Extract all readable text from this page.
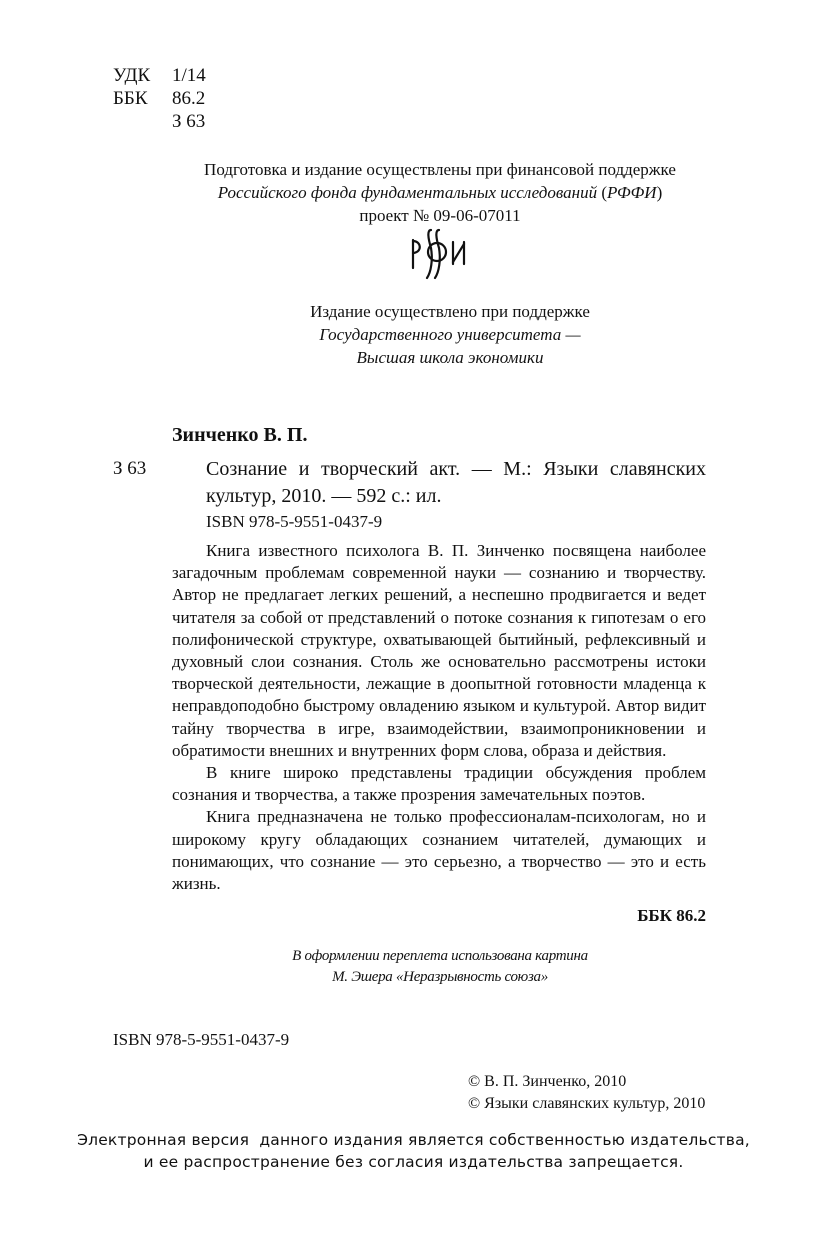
УДК	1/14
ББК	86.2
З 63
Подготовка и издание осуществлены при финансовой поддержке
Российского фонда фундаментальных исследований (РФФИ)
проект № 09-06-07011
Издание осуществлено при поддержке
Государственного университета —
Высшая школа экономики
Зинченко В. П.
З 63	Сознание и творческий акт. — М.: Языки славянских
культур, 2010. — 592 с.: ил.
ISBN 978-5-9551-0437-9

Книга известного психолога В. П. Зинченко посвящена наиболее загадочным проблемам современной науки — сознанию и творчеству. Автор не предлагает легких решений, а неспешно продвигается и ведет читателя за собой от представлений о потоке сознания к гипотезам о его полифонической структуре, охватывающей бытийный, рефлексивный и духовный слои сознания. Столь же основательно рассмотрены истоки творческой деятельности, лежащие в доопытной готовности младенца к неправдоподобно быстрому овладению языком и культурой. Автор видит тайну творчества в игре, взаимодействии, взаимопроникновении и обратимости внешних и внутренних форм слова, образа и действия.

В книге широко представлены традиции обсуждения проблем сознания и творчества, а также прозрения замечательных поэтов.

Книга предназначена не только профессионалам-психологам, но и широкому кругу обладающих сознанием читателей, думающих и понимающих, что сознание — это серьезно, а творчество — это и есть жизнь.

ББК 86.2
В оформлении переплета использована картина
М. Эшера «Неразрывность союза»
ISBN 978-5-9551-0437-9
© В. П. Зинченко, 2010
© Языки славянских культур, 2010
Электронная версия  данного издания является собственностью издательства,
и ее распространение без согласия издательства запрещается.
